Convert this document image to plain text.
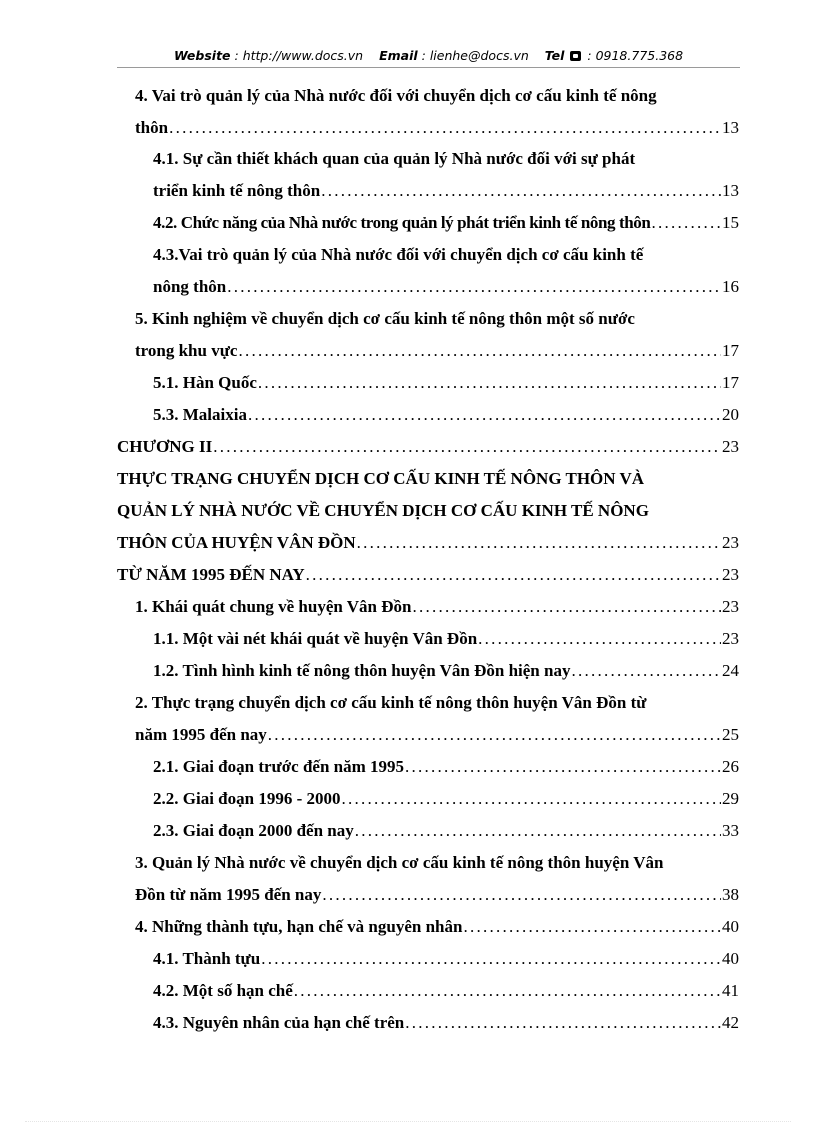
Website : http://www.docs.vn Email : lienhe@docs.vn Tel : 0918.775.368
4. Vai trò quản lý của Nhà nước đối với chuyển dịch cơ cấu kinh tế nông
thôn . . .	13
4.1. Sự cần thiết khách quan của quản lý Nhà nước đối với sự phát
triển kinh tế nông thôn . . .	13
4.2. Chức năng của Nhà nước trong quản lý phát triển kinh tế nông thôn . . .	15
4.3.Vai trò quản lý của Nhà nước đối với chuyển dịch cơ cấu kinh tế
nông thôn . . .	16
5. Kinh nghiệm về chuyển dịch cơ cấu kinh tế nông thôn một số nước
trong khu vực . . .	17
5.1. Hàn Quốc . . .	17
5.3. Malaixia . . .	20
CHƯƠNG II . . .	23
THỰC TRẠNG CHUYỂN DỊCH CƠ CẤU KINH TẾ NÔNG THÔN VÀ
QUẢN LÝ NHÀ NƯỚC VỀ CHUYỂN DỊCH CƠ CẤU KINH TẾ NÔNG
THÔN CỦA HUYỆN VÂN ĐỒN . . .	23
TỪ NĂM 1995 ĐẾN NAY . . .	23
1. Khái quát chung về huyện Vân Đồn . . .	23
1.1. Một vài nét khái quát về huyện Vân Đồn . . .	23
1.2. Tình hình kinh tế nông thôn huyện Vân Đồn hiện nay . . .	24
2. Thực trạng chuyển dịch cơ cấu kinh tế nông thôn huyện Vân Đồn từ
năm 1995 đến nay . . .	25
2.1. Giai đoạn trước đến năm 1995 . . .	26
2.2. Giai đoạn 1996 - 2000 . . .	29
2.3. Giai đoạn 2000 đến nay . . .	33
3. Quản lý Nhà nước về chuyển dịch cơ cấu kinh tế nông thôn huyện Vân
Đồn từ năm 1995 đến nay . . .	38
4. Những thành tựu, hạn chế và nguyên nhân . . .	40
4.1. Thành tựu . . .	40
4.2. Một số hạn chế . . .	41
4.3. Nguyên nhân của hạn chế trên . . .	42
